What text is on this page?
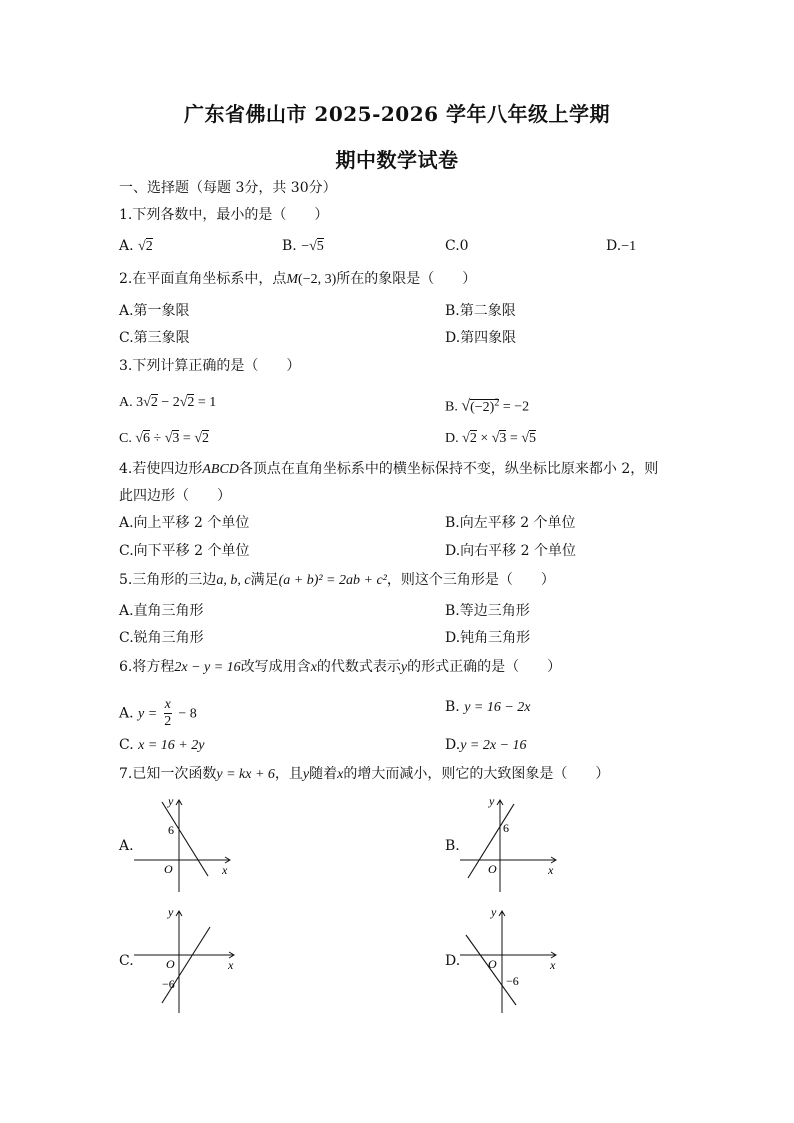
广东省佛山市 2025-2026 学年八年级上学期
期中数学试卷
一、选择题（每题 3分，共 30分）
1.下列各数中，最小的是（　　）
A. √2	B. −√5	C.0	D.−1
2.在平面直角坐标系中，点M(−2, 3)所在的象限是（　　）
A.第一象限	B.第二象限
C.第三象限	D.第四象限
3.下列计算正确的是（　　）
A. 3√2 − 2√2 = 1	B. $√(-2)^2 = -2$
C. √6 ÷ √3 = √2	D. √2 × √3 = √5
4.若使四边形ABCD各顶点在直角坐标系中的横坐标保持不变，纵坐标比原来都小 2，则
此四边形（　　）
A.向上平移 2 个单位	B.向左平移 2 个单位
C.向下平移 2 个单位	D.向右平移 2 个单位
5.三角形的三边a, b, c满足(a + b)² = 2ab + c²，则这个三角形是（　　）
A.直角三角形	B.等边三角形
C.锐角三角形	D.钝角三角形
6.将方程2x − y = 16改写成用含x的代数式表示y的形式正确的是（　　）
A. $y = \frac{x}{2} - 8$	B. y = 16 − 2x
C. x = 16 + 2y	D.y = 2x − 16
7.已知一次函数y = kx + 6，且y随着x的增大而减小，则它的大致图象是（　　）
A.
y
6
O	x
B.
y
6
O	x
C.
y
O	x
−6
D.
y
O	x
−6
